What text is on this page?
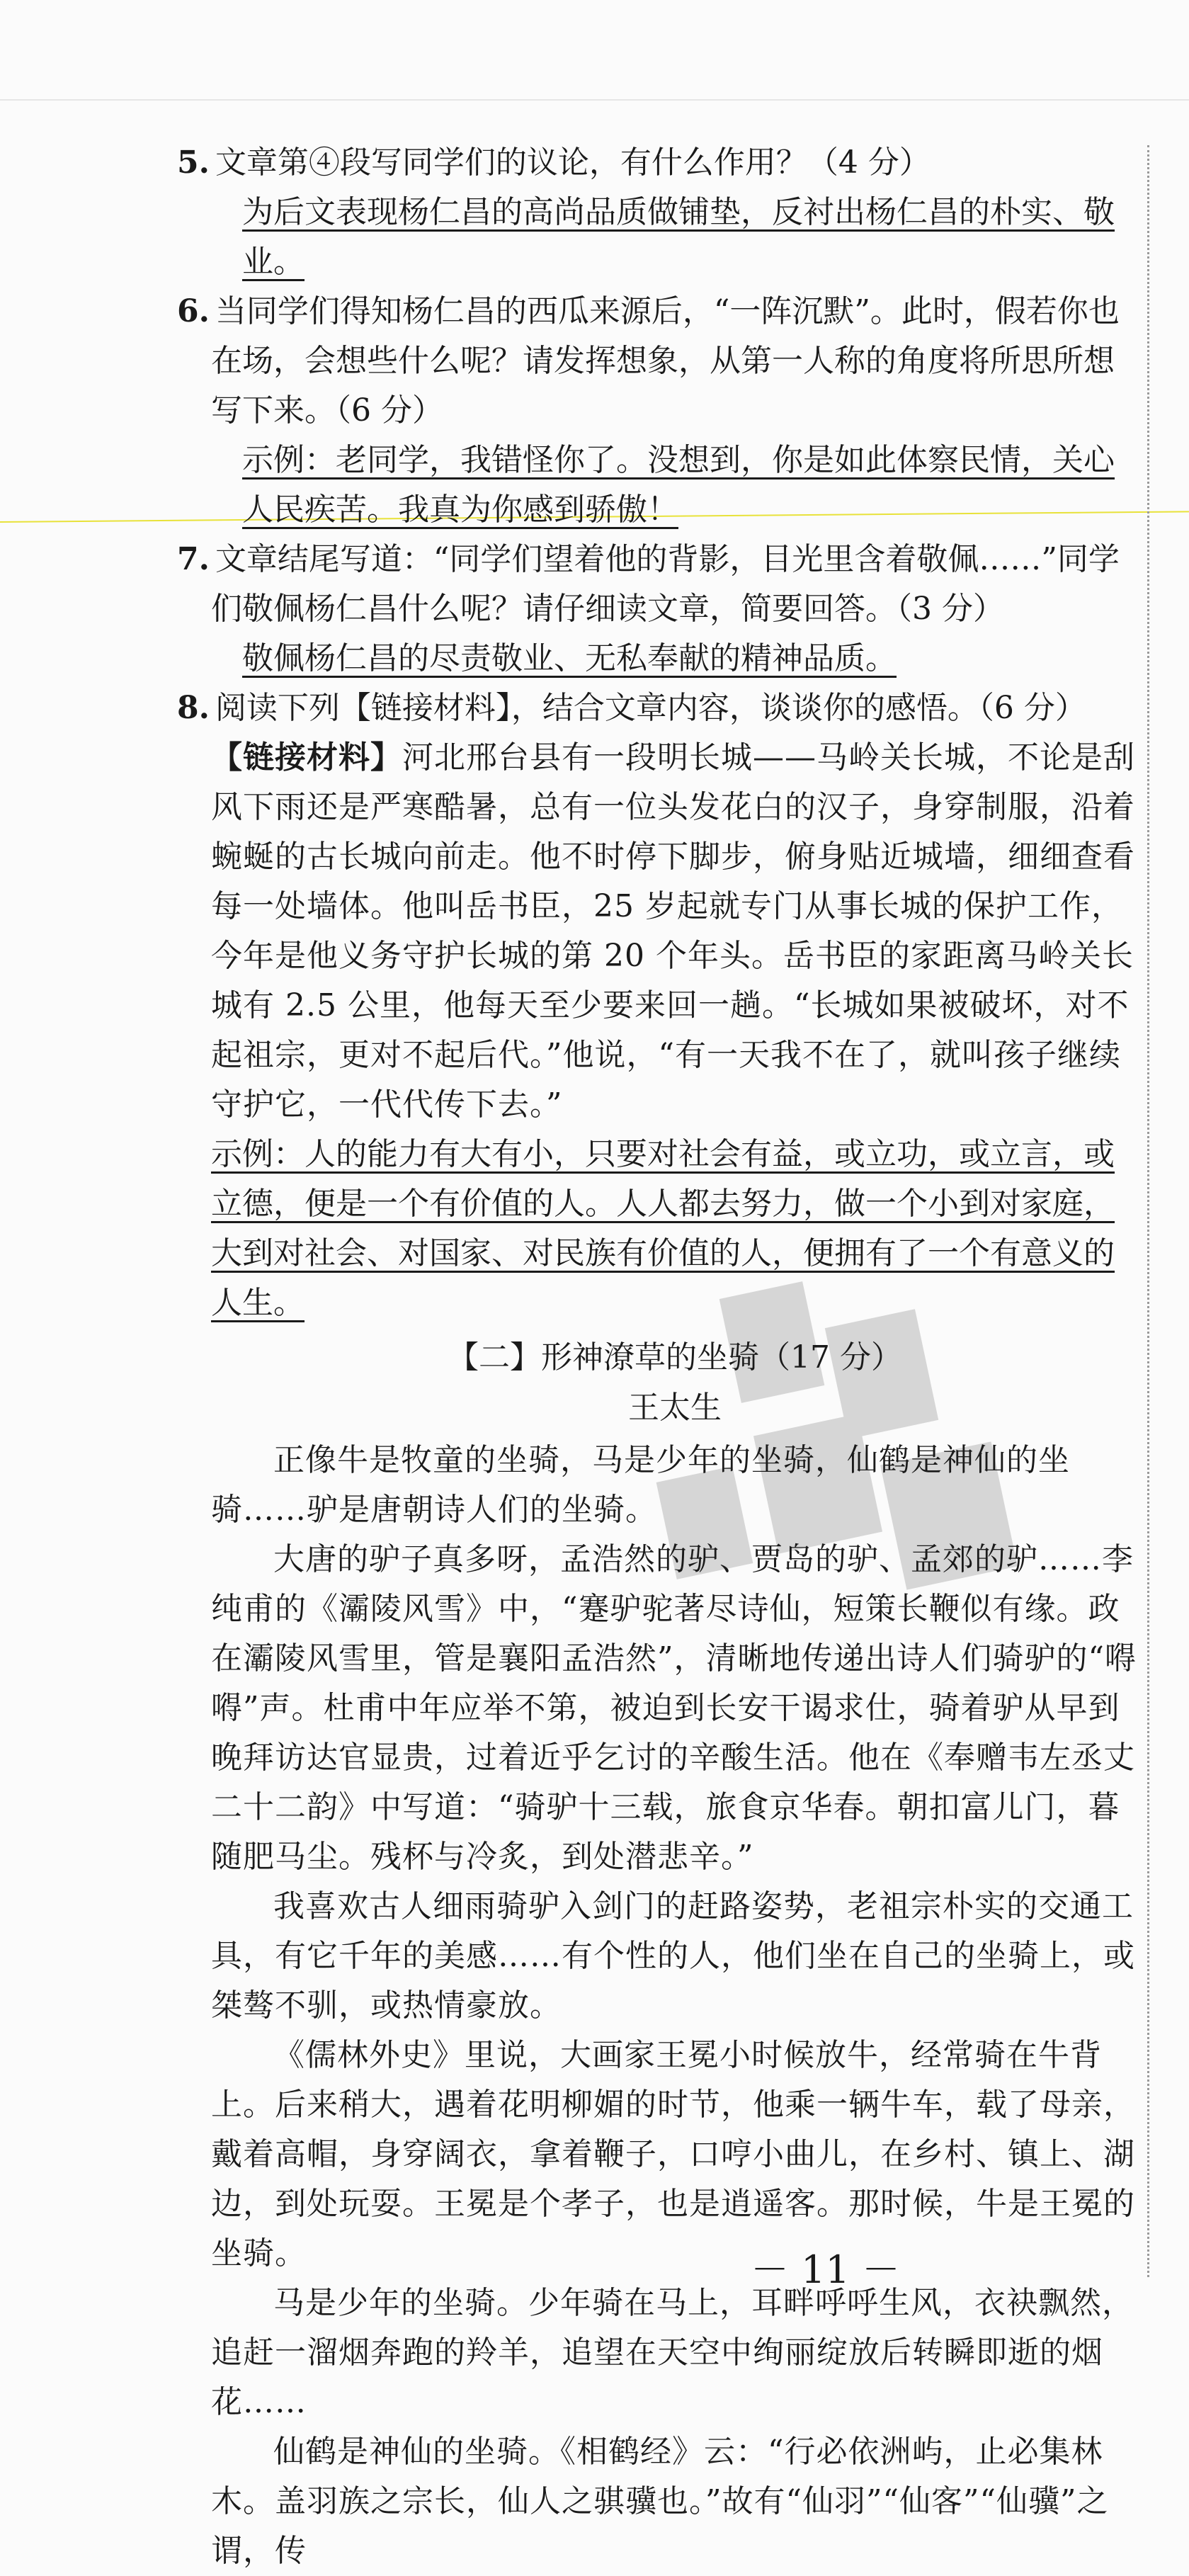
5. 文章第④段写同学们的议论，有什么作用？（4 分）

为后文表现杨仁昌的高尚品质做铺垫，反衬出杨仁昌的朴实、敬业。

6. 当同学们得知杨仁昌的西瓜来源后，“一阵沉默”。此时，假若你也在场，会想些什么呢？请发挥想象，从第一人称的角度将所思所想写下来。（6 分）

示例：老同学，我错怪你了。没想到，你是如此体察民情，关心人民疾苦。我真为你感到骄傲！

7. 文章结尾写道：“同学们望着他的背影，目光里含着敬佩……”同学们敬佩杨仁昌什么呢？请仔细读文章，简要回答。（3 分）

敬佩杨仁昌的尽责敬业、无私奉献的精神品质。

8. 阅读下列【链接材料】，结合文章内容，谈谈你的感悟。（6 分）

【链接材料】河北邢台县有一段明长城——马岭关长城，不论是刮风下雨还是严寒酷暑，总有一位头发花白的汉子，身穿制服，沿着蜿蜒的古长城向前走。他不时停下脚步，俯身贴近城墙，细细查看每一处墙体。他叫岳书臣，25 岁起就专门从事长城的保护工作，今年是他义务守护长城的第 20 个年头。岳书臣的家距离马岭关长城有 2.5 公里，他每天至少要来回一趟。“长城如果被破坏，对不起祖宗，更对不起后代。”他说，“有一天我不在了，就叫孩子继续守护它，一代代传下去。”

示例：人的能力有大有小，只要对社会有益，或立功，或立言，或立德，便是一个有价值的人。人人都去努力，做一个小到对家庭，大到对社会、对国家、对民族有价值的人，便拥有了一个有意义的人生。

【二】形神潦草的坐骑（17 分）

王太生

正像牛是牧童的坐骑，马是少年的坐骑，仙鹤是神仙的坐骑……驴是唐朝诗人们的坐骑。

大唐的驴子真多呀，孟浩然的驴、贾岛的驴、孟郊的驴……李纯甫的《灞陵风雪》中，“蹇驴驼著尽诗仙，短策长鞭似有缘。政在灞陵风雪里，管是襄阳孟浩然”，清晰地传递出诗人们骑驴的“嘚嘚”声。杜甫中年应举不第，被迫到长安干谒求仕，骑着驴从早到晚拜访达官显贵，过着近乎乞讨的辛酸生活。他在《奉赠韦左丞丈二十二韵》中写道：“骑驴十三载，旅食京华春。朝扣富儿门，暮随肥马尘。残杯与冷炙，到处潜悲辛。”

我喜欢古人细雨骑驴入剑门的赶路姿势，老祖宗朴实的交通工具，有它千年的美感……有个性的人，他们坐在自己的坐骑上，或桀骜不驯，或热情豪放。

《儒林外史》里说，大画家王冕小时候放牛，经常骑在牛背上。后来稍大，遇着花明柳媚的时节，他乘一辆牛车，载了母亲，戴着高帽，身穿阔衣，拿着鞭子，口哼小曲儿，在乡村、镇上、湖边，到处玩耍。王冕是个孝子，也是逍遥客。那时候，牛是王冕的坐骑。

马是少年的坐骑。少年骑在马上，耳畔呼呼生风，衣袂飘然，追赶一溜烟奔跑的羚羊，追望在天空中绚丽绽放后转瞬即逝的烟花……

仙鹤是神仙的坐骑。《相鹤经》云：“行必依洲屿，止必集林木。盖羽族之宗长，仙人之骐骥也。”故有“仙羽”“仙客”“仙骥”之谓，传

－ 11 －
